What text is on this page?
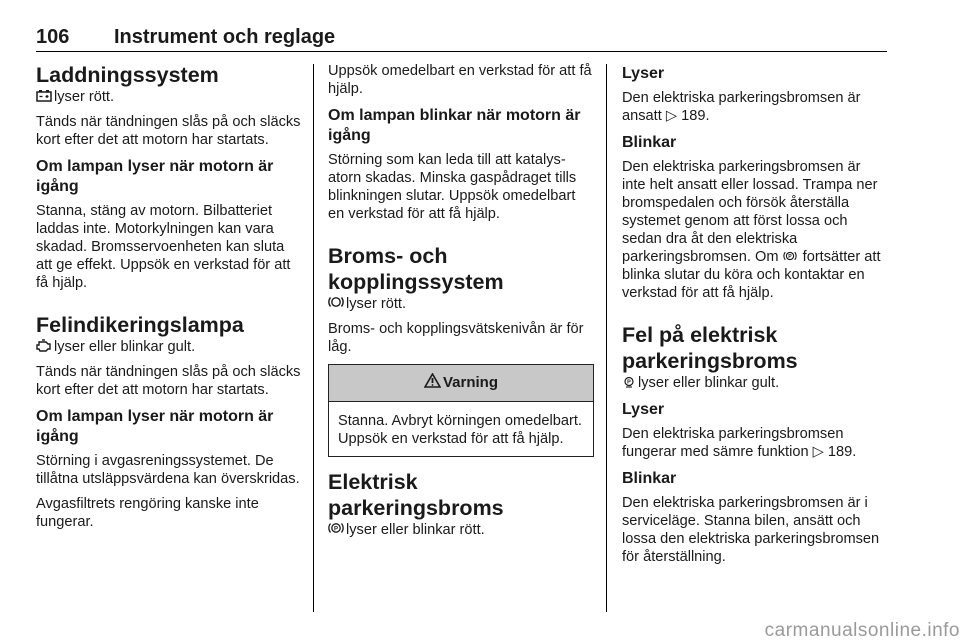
106 Instrument och reglage
Laddningssystem

lyser rött.

Tänds när tändningen slås på och släcks kort efter det att motorn har startats.

Om lampan lyser när motorn är igång

Stanna, stäng av motorn. Bilbatteriet laddas inte. Motorkylningen kan vara skadad. Bromsservoenheten kan sluta att ge effekt. Uppsök en verkstad för att få hjälp.

Felindikeringslampa

lyser eller blinkar gult.

Tänds när tändningen slås på och släcks kort efter det att motorn har startats.

Om lampan lyser när motorn är igång

Störning i avgasreningssystemet. De tillåtna utsläppsvärdena kan överskridas.

Avgasfiltrets rengöring kanske inte fungerar.

Uppsök omedelbart en verkstad för att få hjälp.

Om lampan blinkar när motorn är igång

Störning som kan leda till att katalysatorn skadas. Minska gaspådraget tills blinkningen slutar. Uppsök omedelbart en verkstad för att få hjälp.

Broms- och kopplingssystem

lyser rött.

Broms- och kopplingsvätskenivån är för låg.

Varning

Stanna. Avbryt körningen omedelbart. Uppsök en verkstad för att få hjälp.

Elektrisk parkeringsbroms

P lyser eller blinkar rött.

Lyser

Den elektriska parkeringsbromsen är ansatt ▷ 189.

Blinkar

Den elektriska parkeringsbromsen är inte helt ansatt eller lossad. Trampa ner bromspedalen och försök återställa systemet genom att först lossa och sedan dra åt den elektriska parkeringsbromsen. Om P fortsätter att blinka slutar du köra och kontaktar en verkstad för att få hjälp.

Fel på elektrisk parkeringsbroms

P lyser eller blinkar gult.

Lyser

Den elektriska parkeringsbromsen fungerar med sämre funktion ▷ 189.

Blinkar

Den elektriska parkeringsbromsen är i serviceläge. Stanna bilen, ansätt och lossa den elektriska parkeringsbromsen för återställning.

carmanualsonline.info
